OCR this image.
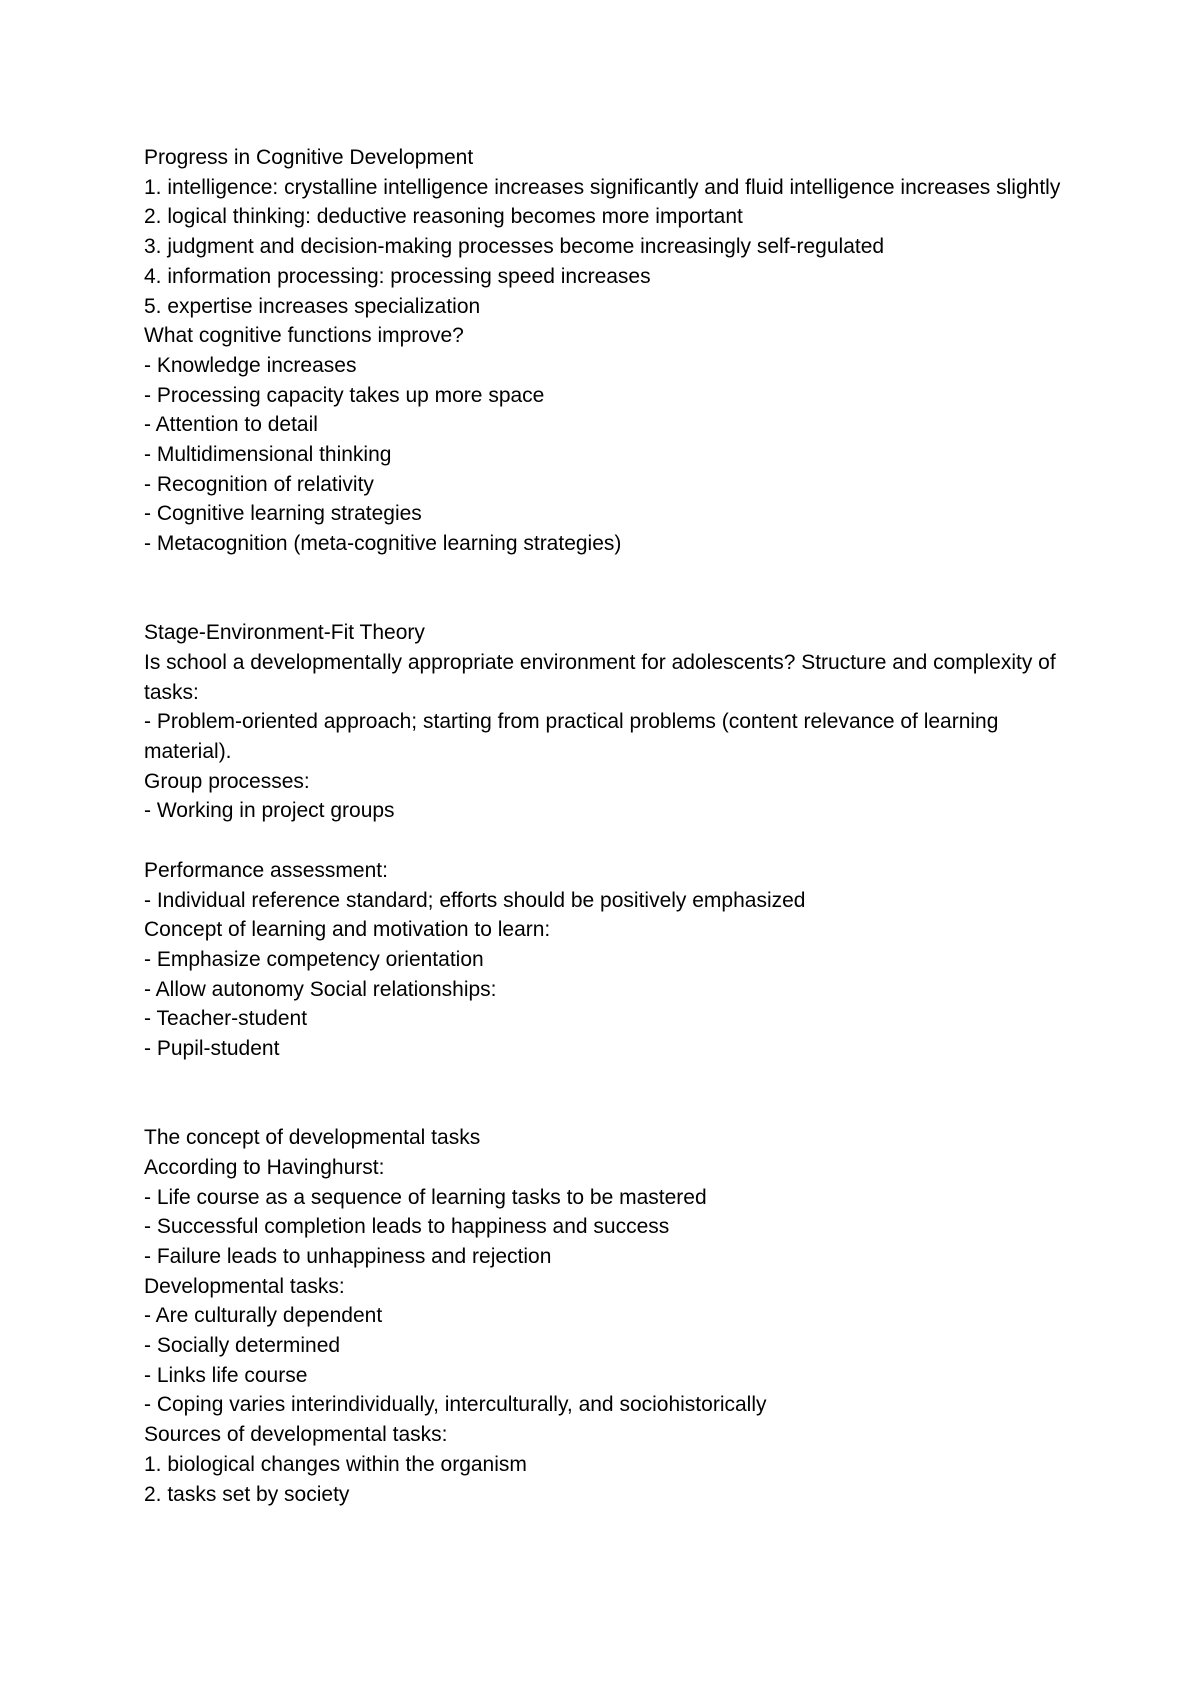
Progress in Cognitive Development
1. intelligence: crystalline intelligence increases significantly and fluid intelligence increases slightly
2. logical thinking: deductive reasoning becomes more important
3. judgment and decision-making processes become increasingly self-regulated
4. information processing: processing speed increases
5. expertise increases specialization
What cognitive functions improve?
- Knowledge increases
- Processing capacity takes up more space
- Attention to detail
- Multidimensional thinking
- Recognition of relativity
- Cognitive learning strategies
- Metacognition (meta-cognitive learning strategies)
Stage-Environment-Fit Theory
Is school a developmentally appropriate environment for adolescents? Structure and complexity of tasks:
- Problem-oriented approach; starting from practical problems (content relevance of learning material).
Group processes:
- Working in project groups
Performance assessment:
- Individual reference standard; efforts should be positively emphasized
Concept of learning and motivation to learn:
- Emphasize competency orientation
- Allow autonomy Social relationships:
- Teacher-student
- Pupil-student
The concept of developmental tasks
According to Havinghurst:
- Life course as a sequence of learning tasks to be mastered
- Successful completion leads to happiness and success
- Failure leads to unhappiness and rejection
Developmental tasks:
- Are culturally dependent
- Socially determined
- Links life course
- Coping varies interindividually, interculturally, and sociohistorically
Sources of developmental tasks:
1. biological changes within the organism
2. tasks set by society
